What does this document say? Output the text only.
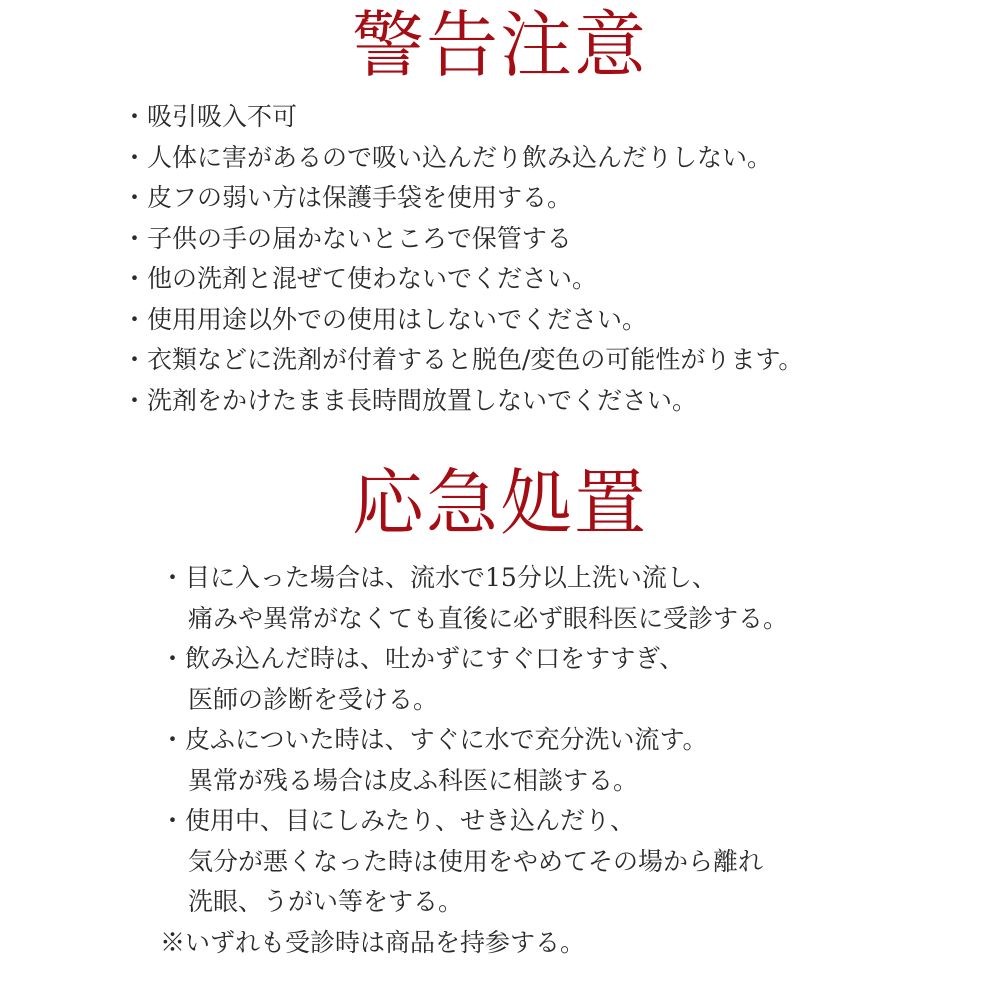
警告注意
・吸引吸入不可
・人体に害があるので吸い込んだり飲み込んだりしない。
・皮フの弱い方は保護手袋を使用する。
・子供の手の届かないところで保管する
・他の洗剤と混ぜて使わないでください。
・使用用途以外での使用はしないでください。
・衣類などに洗剤が付着すると脱色/変色の可能性がります。
・洗剤をかけたまま長時間放置しないでください。
応急処置
・目に入った場合は、流水で15分以上洗い流し、
痛みや異常がなくても直後に必ず眼科医に受診する。
・飲み込んだ時は、吐かずにすぐ口をすすぎ、
医師の診断を受ける。
・皮ふについた時は、すぐに水で充分洗い流す。
異常が残る場合は皮ふ科医に相談する。
・使用中、目にしみたり、せき込んだり、
気分が悪くなった時は使用をやめてその場から離れ
洗眼、うがい等をする。
※いずれも受診時は商品を持参する。
